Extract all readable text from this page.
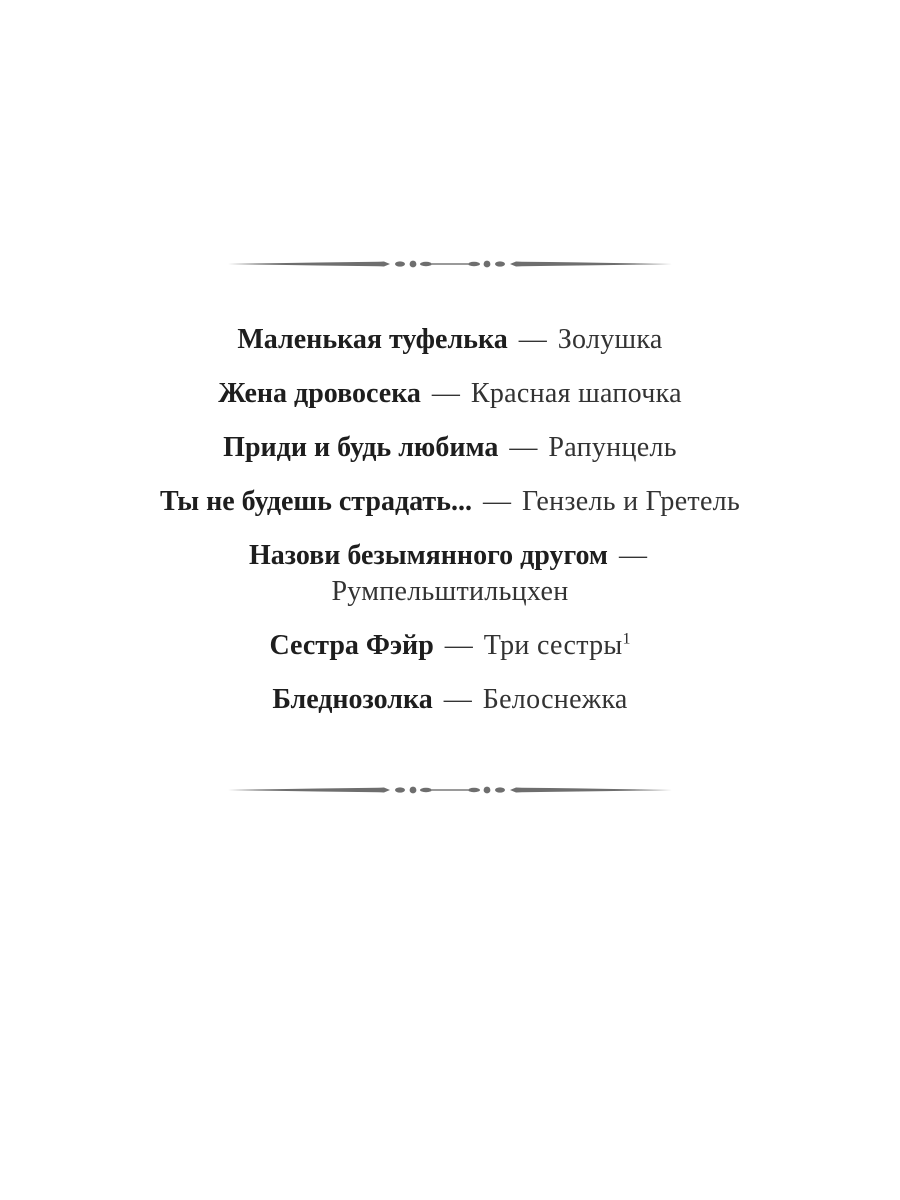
Маленькая туфелька — Золушка
Жена дровосека — Красная шапочка
Приди и будь любима — Рапунцель
Ты не будешь страдать... — Гензель и Гретель
Назови безымянного другом —
Румпельштильцхен
Сестра Фэйр — Три сестры$^1$
Бледнозолка — Белоснежка
